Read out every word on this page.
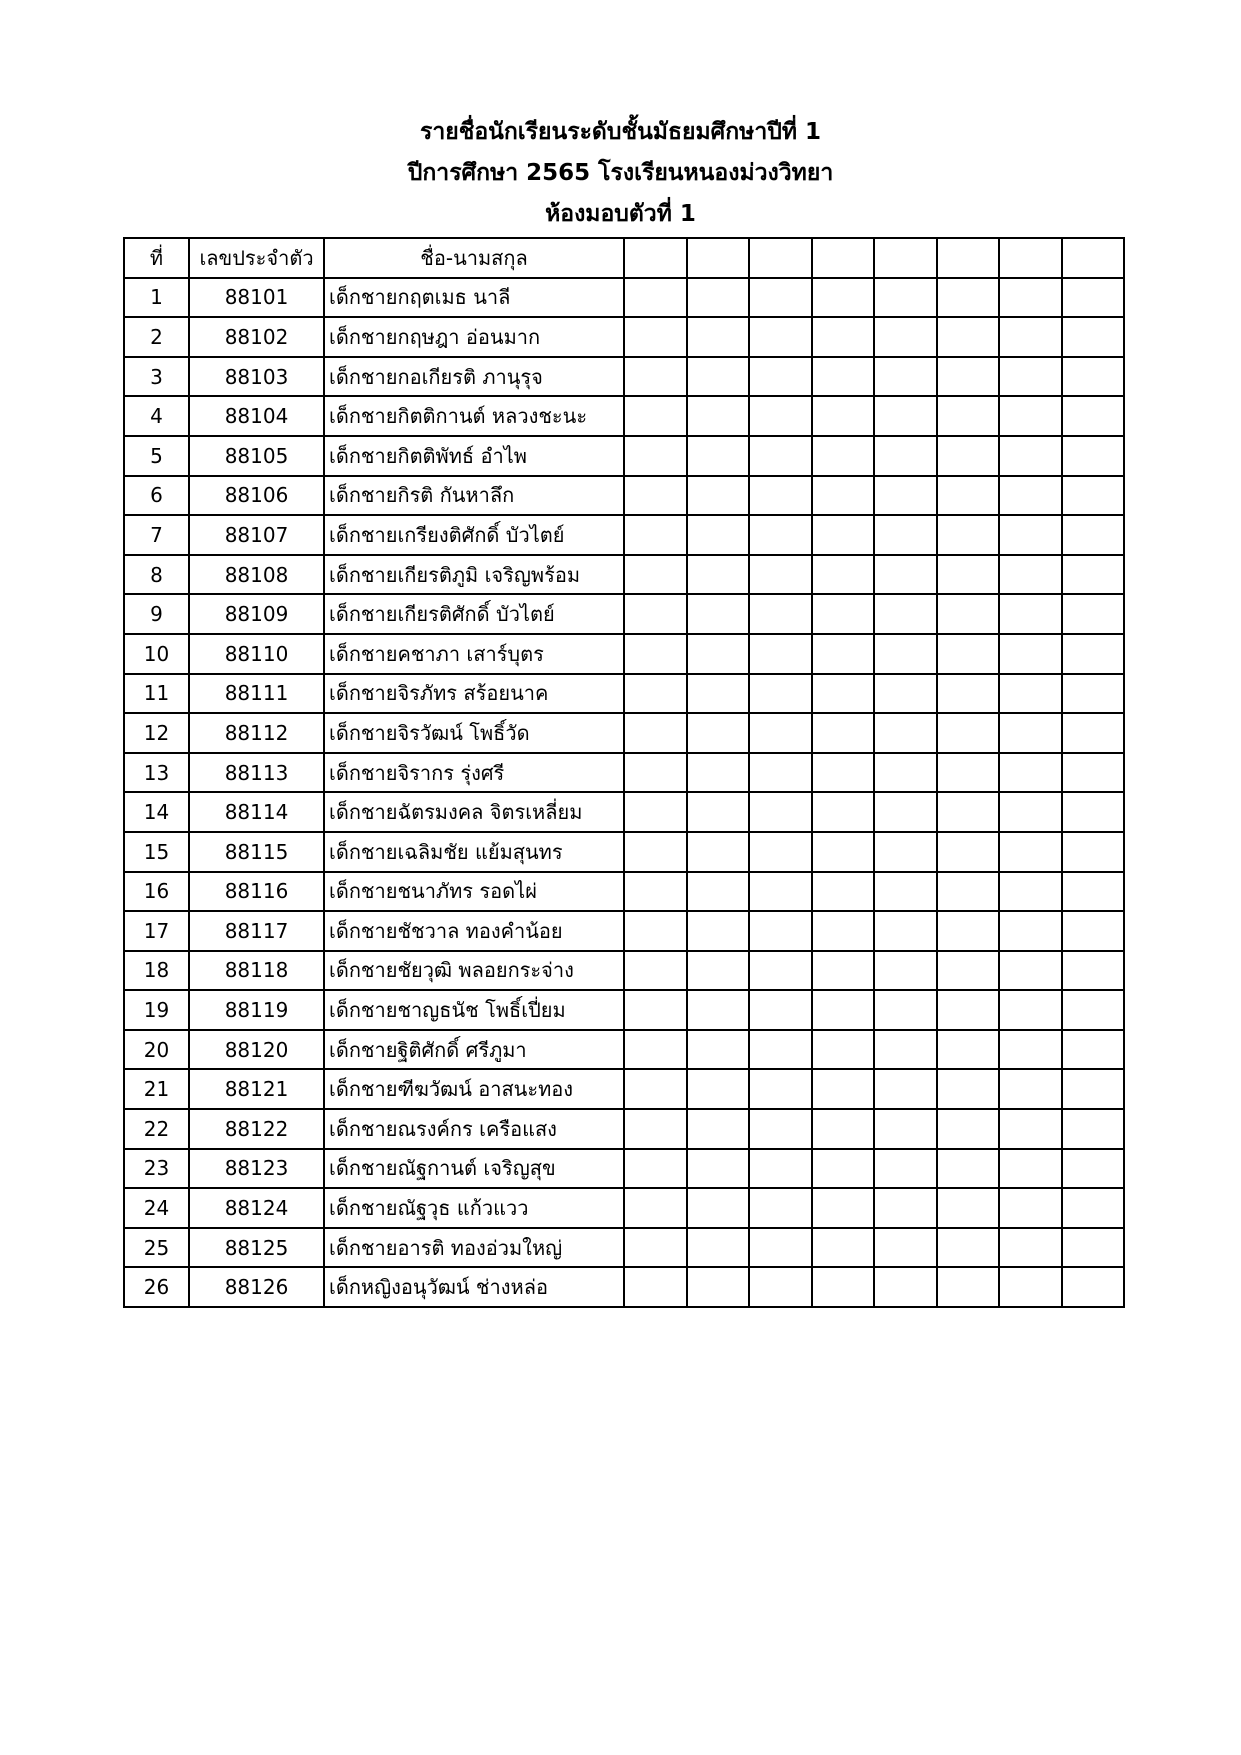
รายชื่อนักเรียนระดับชั้นมัธยมศึกษาปีที่ 1
ปีการศึกษา 2565 โรงเรียนหนองม่วงวิทยา
ห้องมอบตัวที่ 1
ที่	เลขประจำตัว	ชื่อ-นามสกุล								
1	88101	เด็กชายกฤตเมธ นาลี								
2	88102	เด็กชายกฤษฎา อ่อนมาก								
3	88103	เด็กชายกอเกียรติ ภานุรุจ								
4	88104	เด็กชายกิตติกานต์ หลวงชะนะ								
5	88105	เด็กชายกิตติพัทธ์ อำไพ								
6	88106	เด็กชายกิรติ กันหาลึก								
7	88107	เด็กชายเกรียงติศักดิ์ บัวไตย์								
8	88108	เด็กชายเกียรติภูมิ เจริญพร้อม								
9	88109	เด็กชายเกียรติศักดิ์ บัวไตย์								
10	88110	เด็กชายคชาภา เสาร์บุตร								
11	88111	เด็กชายจิรภัทร สร้อยนาค								
12	88112	เด็กชายจิรวัฒน์ โพธิ์วัด								
13	88113	เด็กชายจิรากร รุ่งศรี								
14	88114	เด็กชายฉัตรมงคล จิตรเหลี่ยม								
15	88115	เด็กชายเฉลิมชัย แย้มสุนทร								
16	88116	เด็กชายชนาภัทร รอดไผ่								
17	88117	เด็กชายชัชวาล ทองคำน้อย								
18	88118	เด็กชายชัยวุฒิ พลอยกระจ่าง								
19	88119	เด็กชายชาญธนัช โพธิ์เปี่ยม								
20	88120	เด็กชายฐิติศักดิ์ ศรีภูมา								
21	88121	เด็กชายฑีฆวัฒน์ อาสนะทอง								
22	88122	เด็กชายณรงค์กร เครือแสง								
23	88123	เด็กชายณัฐกานต์ เจริญสุข								
24	88124	เด็กชายณัฐวุธ แก้วแวว								
25	88125	เด็กชายอารติ ทองอ่วมใหญ่								
26	88126	เด็กหญิงอนุวัฒน์ ช่างหล่อ								
